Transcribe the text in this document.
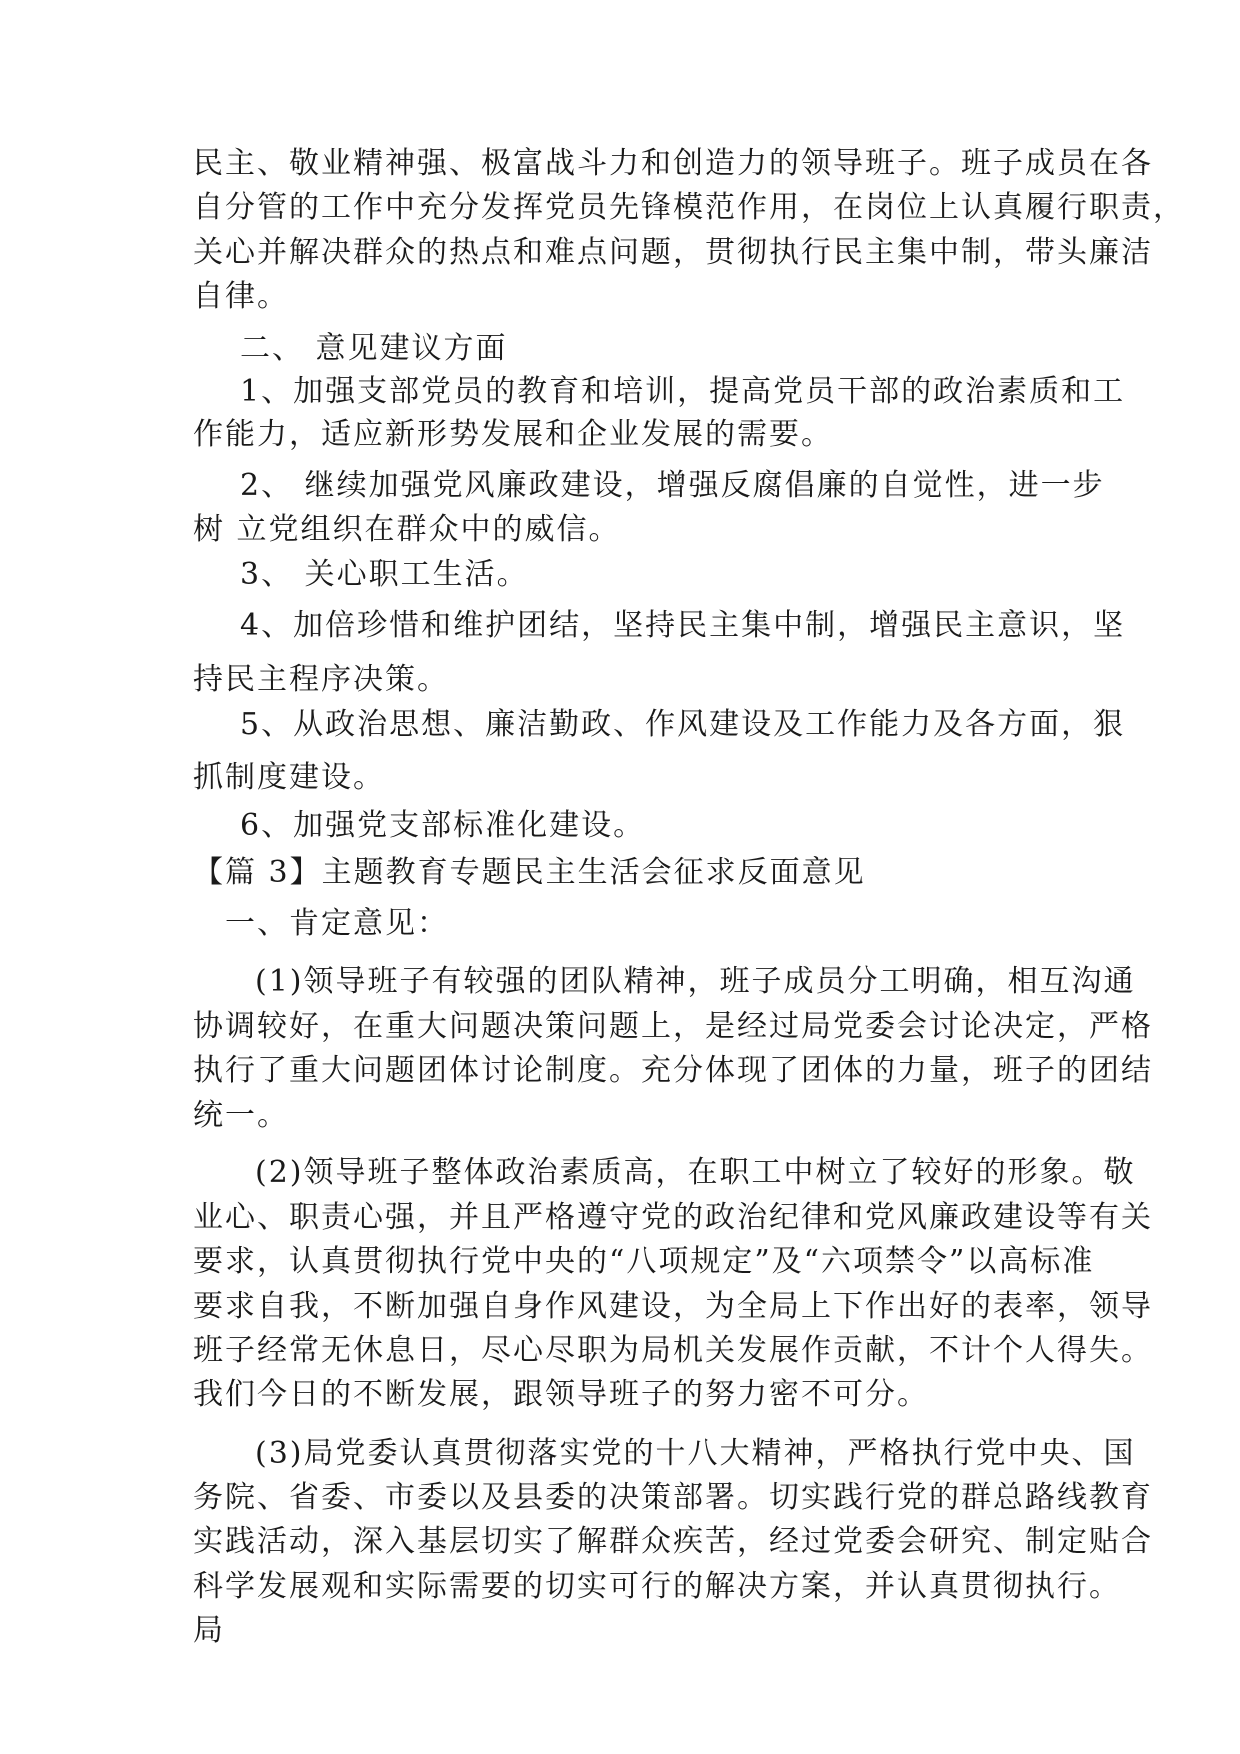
民主、敬业精神强、极富战斗力和创造力的领导班子。班子成员在各
自分管的工作中充分发挥党员先锋模范作用，在岗位上认真履行职责，
关心并解决群众的热点和难点问题，贯彻执行民主集中制，带头廉洁
自律。
二、 意见建议方面
1、加强支部党员的教育和培训，提高党员干部的政治素质和工
作能力，适应新形势发展和企业发展的需要。
2、 继续加强党风廉政建设，增强反腐倡廉的自觉性，进一步
树 立党组织在群众中的威信。
3、 关心职工生活。
4、加倍珍惜和维护团结，坚持民主集中制，增强民主意识，坚
持民主程序决策。
5、从政治思想、廉洁勤政、作风建设及工作能力及各方面，狠
抓制度建设。
6、加强党支部标准化建设。
【篇 3】主题教育专题民主生活会征求反面意见
一、肯定意见：
(1)领导班子有较强的团队精神，班子成员分工明确，相互沟通
协调较好，在重大问题决策问题上，是经过局党委会讨论决定，严格
执行了重大问题团体讨论制度。充分体现了团体的力量，班子的团结
统一。
(2)领导班子整体政治素质高，在职工中树立了较好的形象。敬
业心、职责心强，并且严格遵守党的政治纪律和党风廉政建设等有关
要求，认真贯彻执行党中央的“八项规定”及“六项禁令”以高标准
要求自我，不断加强自身作风建设，为全局上下作出好的表率，领导
班子经常无休息日，尽心尽职为局机关发展作贡献，不计个人得失。
我们今日的不断发展，跟领导班子的努力密不可分。
(3)局党委认真贯彻落实党的十八大精神，严格执行党中央、国
务院、省委、市委以及县委的决策部署。切实践行党的群总路线教育
实践活动，深入基层切实了解群众疾苦，经过党委会研究、制定贴合
科学发展观和实际需要的切实可行的解决方案，并认真贯彻执行。
局
